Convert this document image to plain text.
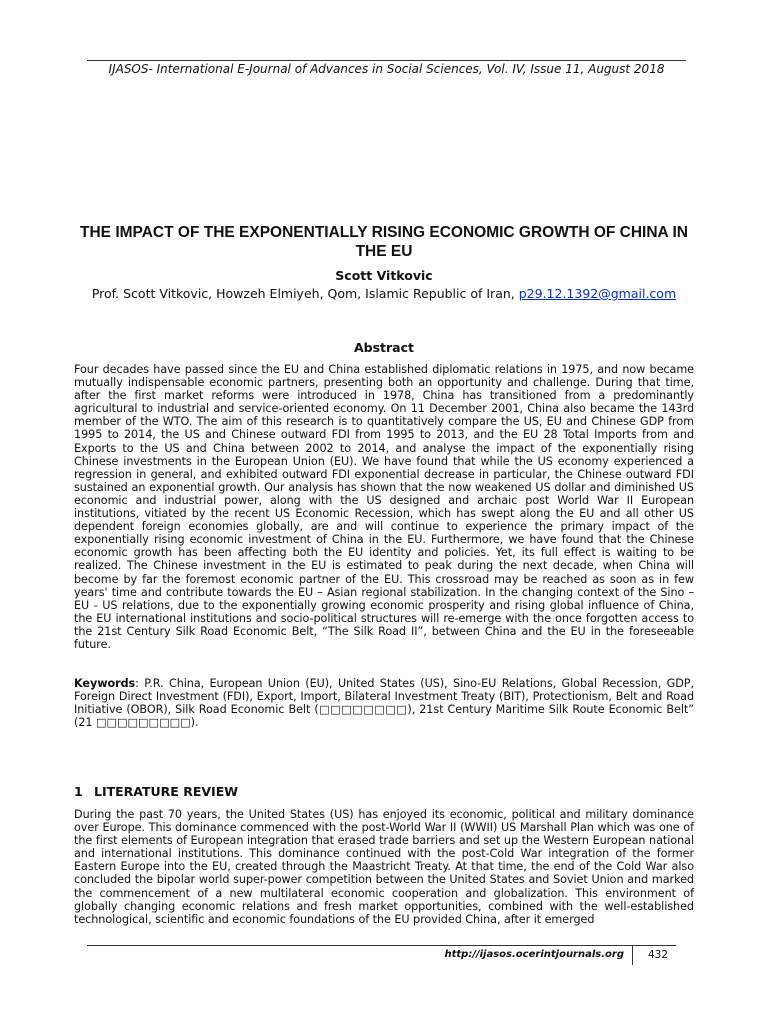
IJASOS- International E-Journal of Advances in Social Sciences, Vol. IV, Issue 11, August 2018
THE IMPACT OF THE EXPONENTIALLY RISING ECONOMIC GROWTH OF CHINA IN THE EU
Scott Vitkovic
Prof. Scott Vitkovic, Howzeh Elmiyeh, Qom, Islamic Republic of Iran, p29.12.1392@gmail.com
Abstract
Four decades have passed since the EU and China established diplomatic relations in 1975, and now became mutually indispensable economic partners, presenting both an opportunity and challenge. During that time, after the first market reforms were introduced in 1978, China has transitioned from a predominantly agricultural to industrial and service-oriented economy. On 11 December 2001, China also became the 143rd member of the WTO. The aim of this research is to quantitatively compare the US, EU and Chinese GDP from 1995 to 2014, the US and Chinese outward FDI from 1995 to 2013, and the EU 28 Total Imports from and Exports to the US and China between 2002 to 2014, and analyse the impact of the exponentially rising Chinese investments in the European Union (EU). We have found that while the US economy experienced a regression in general, and exhibited outward FDI exponential decrease in particular, the Chinese outward FDI sustained an exponential growth. Our analysis has shown that the now weakened US dollar and diminished US economic and industrial power, along with the US designed and archaic post World War II European institutions, vitiated by the recent US Economic Recession, which has swept along the EU and all other US dependent foreign economies globally, are and will continue to experience the primary impact of the exponentially rising economic investment of China in the EU. Furthermore, we have found that the Chinese economic growth has been affecting both the EU identity and policies. Yet, its full effect is waiting to be realized. The Chinese investment in the EU is estimated to peak during the next decade, when China will become by far the foremost economic partner of the EU. This crossroad may be reached as soon as in few years' time and contribute towards the EU – Asian regional stabilization. In the changing context of the Sino – EU - US relations, due to the exponentially growing economic prosperity and rising global influence of China, the EU international institutions and socio-political structures will re-emerge with the once forgotten access to the 21st Century Silk Road Economic Belt, “The Silk Road II”, between China and the EU in the foreseeable future.
Keywords: P.R. China, European Union (EU), United States (US), Sino-EU Relations, Global Recession, GDP, Foreign Direct Investment (FDI), Export, Import, Bilateral Investment Treaty (BIT), Protectionism, Belt and Road Initiative (OBOR), Silk Road Economic Belt (□□□□□□□□), 21st Century Maritime Silk Route Economic Belt” (21 □□□□□□□□□).
1 LITERATURE REVIEW
During the past 70 years, the United States (US) has enjoyed its economic, political and military dominance over Europe. This dominance commenced with the post-World War II (WWII) US Marshall Plan which was one of the first elements of European integration that erased trade barriers and set up the Western European national and international institutions. This dominance continued with the post-Cold War integration of the former Eastern Europe into the EU, created through the Maastricht Treaty. At that time, the end of the Cold War also concluded the bipolar world super-power competition between the United States and Soviet Union and marked the commencement of a new multilateral economic cooperation and globalization. This environment of globally changing economic relations and fresh market opportunities, combined with the well-established technological, scientific and economic foundations of the EU provided China, after it emerged
http://ijasos.ocerintjournals.org	432
